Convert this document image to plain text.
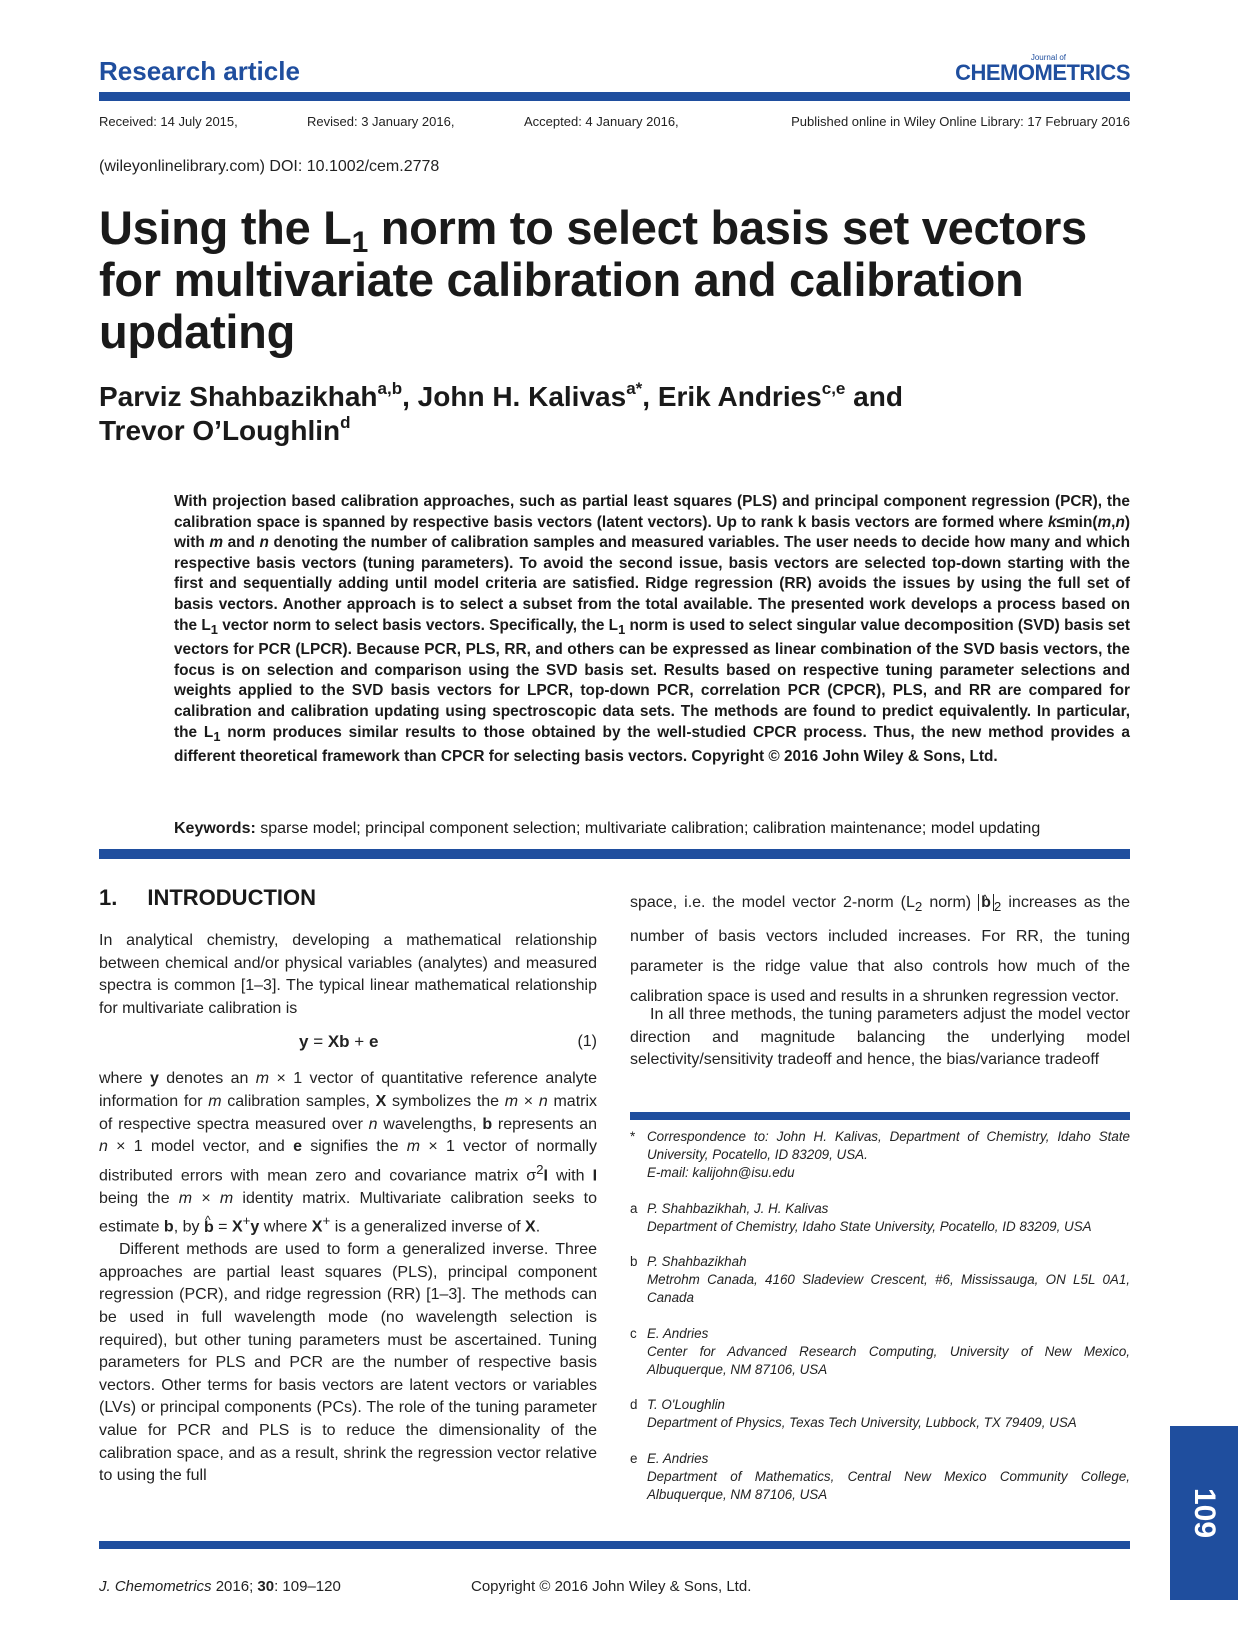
Research article	Journal of
CHEMOMETRICS
Received: 14 July 2015,	Revised: 3 January 2016,	Accepted: 4 January 2016,	Published online in Wiley Online Library: 17 February 2016
(wileyonlinelibrary.com) DOI: 10.1002/cem.2778
Using the $L_1$ norm to select basis set vectors for multivariate calibration and calibration updating
Parviz Shahbazikhah$^{a,b}$, John H. Kalivas$^{a*}$, Erik Andries$^{c,e}$ and
Trevor O’Loughlin$^d$
With projection based calibration approaches, such as partial least squares (PLS) and principal component regression (PCR), the calibration space is spanned by respective basis vectors (latent vectors). Up to rank k basis vectors are formed where k≤min(m,n) with m and n denoting the number of calibration samples and measured variables. The user needs to decide how many and which respective basis vectors (tuning parameters). To avoid the second issue, basis vectors are selected top-down starting with the first and sequentially adding until model criteria are satisfied. Ridge regression (RR) avoids the issues by using the full set of basis vectors. Another approach is to select a subset from the total available. The presented work develops a process based on the $L_1$ vector norm to select basis vectors. Specifically, the $L_1$ norm is used to select singular value decomposition (SVD) basis set vectors for PCR (LPCR). Because PCR, PLS, RR, and others can be expressed as linear combination of the SVD basis vectors, the focus is on selection and comparison using the SVD basis set. Results based on respective tuning parameter selections and weights applied to the SVD basis vectors for LPCR, top-down PCR, correlation PCR (CPCR), PLS, and RR are compared for calibration and calibration updating using spectroscopic data sets. The methods are found to predict equivalently. In particular, the $L_1$ norm produces similar results to those obtained by the well-studied CPCR process. Thus, the new method provides a different theoretical framework than CPCR for selecting basis vectors. Copyright © 2016 John Wiley & Sons, Ltd.
Keywords: sparse model; principal component selection; multivariate calibration; calibration maintenance; model updating
1. INTRODUCTION

In analytical chemistry, developing a mathematical relationship between chemical and/or physical variables (analytes) and measured spectra is common [1–3]. The typical linear mathematical relationship for multivariate calibration is

y = Xb + e	(1)

where y denotes an m × 1 vector of quantitative reference analyte information for m calibration samples, X symbolizes the m × n matrix of respective spectra measured over n wavelengths, b represents an n × 1 model vector, and e signifies the m × 1 vector of normally distributed errors with mean zero and covariance matrix $\sigma^2I$ with I being the m × m identity matrix. Multivariate calibration seeks to estimate b, by ^ b = X+y where X+ is a generalized inverse of X.

Different methods are used to form a generalized inverse. Three approaches are partial least squares (PLS), principal component regression (PCR), and ridge regression (RR) [1–3]. The methods can be used in full wavelength mode (no wavelength selection is required), but other tuning parameters must be ascertained. Tuning parameters for PLS and PCR are the number of respective basis vectors. Other terms for basis vectors are latent vectors or variables (LVs) or principal components (PCs). The role of the tuning parameter value for PCR and PLS is to reduce the dimensionality of the calibration space, and as a result, shrink the regression vector relative to using the full

space, i.e. the model vector 2-norm ($L_2$ norm) ^ b $_2$ increases as the number of basis vectors included increases. For RR, the tuning parameter is the ridge value that also controls how much of the calibration space is used and results in a shrunken regression vector.

In all three methods, the tuning parameters adjust the model vector direction and magnitude balancing the underlying model selectivity/sensitivity tradeoff and hence, the bias/variance tradeoff

* Correspondence to: John H. Kalivas, Department of Chemistry, Idaho State University, Pocatello, ID 83209, USA.
E-mail: kalijohn@isu.edu
a P. Shahbazikhah, J. H. Kalivas
Department of Chemistry, Idaho State University, Pocatello, ID 83209, USA
b P. Shahbazikhah
Metrohm Canada, 4160 Sladeview Crescent, #6, Mississauga, ON L5L 0A1, Canada
c E. Andries
Center for Advanced Research Computing, University of New Mexico, Albuquerque, NM 87106, USA
d T. O'Loughlin
Department of Physics, Texas Tech University, Lubbock, TX 79409, USA
e E. Andries
Department of Mathematics, Central New Mexico Community College, Albuquerque, NM 87106, USA	109
J. Chemometrics 2016; 30: 109–120	Copyright © 2016 John Wiley & Sons, Ltd.
